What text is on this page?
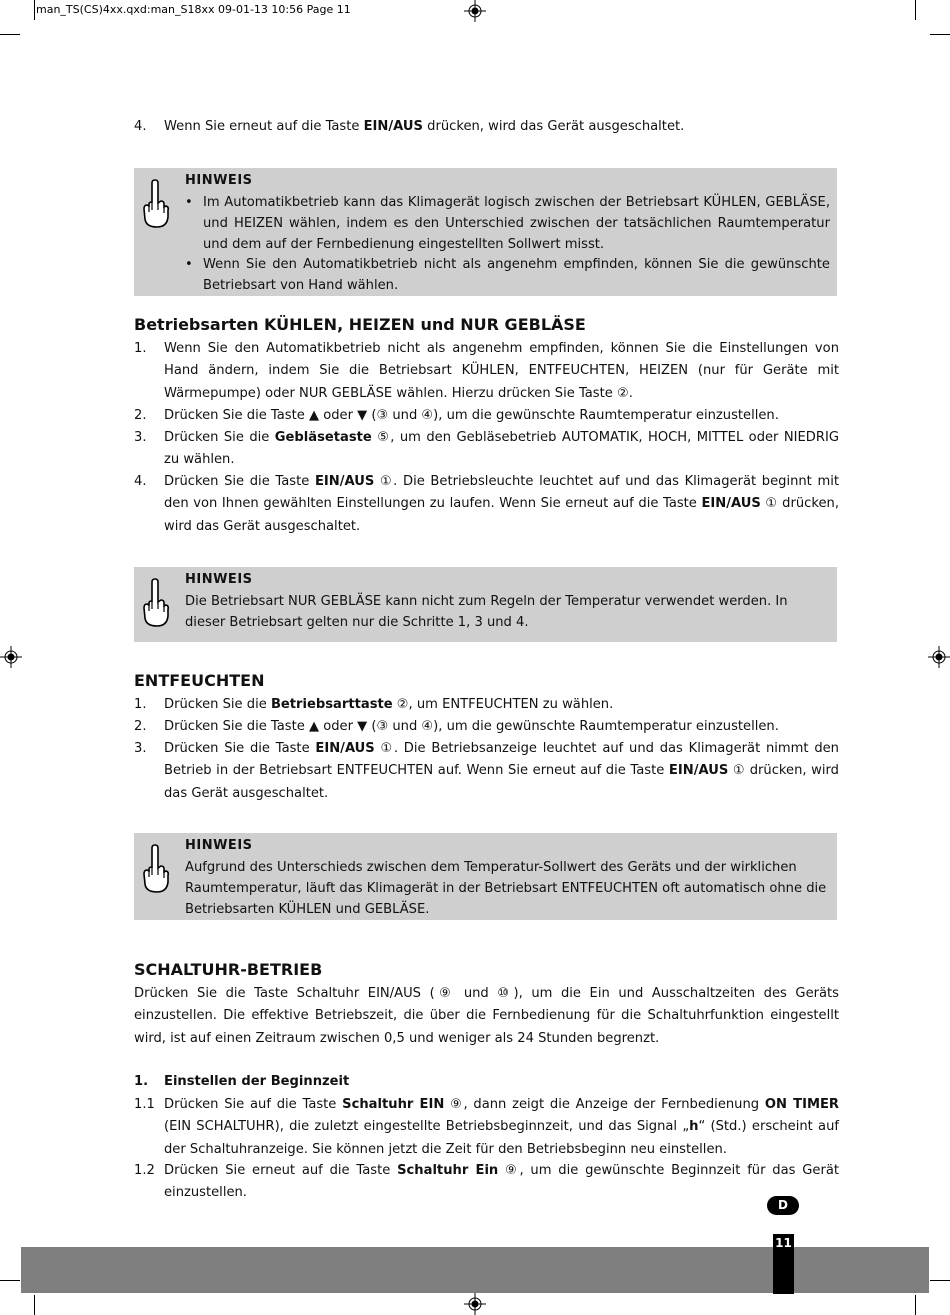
man_TS(CS)4xx.qxd:man_S18xx 09-01-13 10:56 Page 11
4. Wenn Sie erneut auf die Taste EIN/AUS drücken, wird das Gerät ausgeschaltet.
HINWEIS
• Im Automatikbetrieb kann das Klimagerät logisch zwischen der Betriebsart KÜHLEN, GEBLÄSE, und HEIZEN wählen, indem es den Unterschied zwischen der tatsächlichen Raumtemperatur und dem auf der Fernbedienung eingestellten Sollwert misst.
• Wenn Sie den Automatikbetrieb nicht als angenehm empfinden, können Sie die gewünschte Betriebsart von Hand wählen.
Betriebsarten KÜHLEN, HEIZEN und NUR GEBLÄSE
1. Wenn Sie den Automatikbetrieb nicht als angenehm empfinden, können Sie die Einstellungen von Hand ändern, indem Sie die Betriebsart KÜHLEN, ENTFEUCHTEN, HEIZEN (nur für Geräte mit Wärmepumpe) oder NUR GEBLÄSE wählen. Hierzu drücken Sie Taste ②.
2. Drücken Sie die Taste ▲ oder ▼ (③ und ④), um die gewünschte Raumtemperatur einzustellen.
3. Drücken Sie die Gebläsetaste ⑤, um den Gebläsebetrieb AUTOMATIK, HOCH, MITTEL oder NIEDRIG zu wählen.
4. Drücken Sie die Taste EIN/AUS ①. Die Betriebsleuchte leuchtet auf und das Klimagerät beginnt mit den von Ihnen gewählten Einstellungen zu laufen. Wenn Sie erneut auf die Taste EIN/AUS ① drücken, wird das Gerät ausgeschaltet.
HINWEIS
Die Betriebsart NUR GEBLÄSE kann nicht zum Regeln der Temperatur verwendet werden. In dieser Betriebsart gelten nur die Schritte 1, 3 und 4.
ENTFEUCHTEN
1. Drücken Sie die Betriebsarttaste ②, um ENTFEUCHTEN zu wählen.
2. Drücken Sie die Taste ▲ oder ▼ (③ und ④), um die gewünschte Raumtemperatur einzustellen.
3. Drücken Sie die Taste EIN/AUS ①. Die Betriebsanzeige leuchtet auf und das Klimagerät nimmt den Betrieb in der Betriebsart ENTFEUCHTEN auf. Wenn Sie erneut auf die Taste EIN/AUS ① drücken, wird das Gerät ausgeschaltet.
HINWEIS
Aufgrund des Unterschieds zwischen dem Temperatur-Sollwert des Geräts und der wirklichen Raumtemperatur, läuft das Klimagerät in der Betriebsart ENTFEUCHTEN oft automatisch ohne die Betriebsarten KÜHLEN und GEBLÄSE.
SCHALTUHR-BETRIEB
Drücken Sie die Taste Schaltuhr EIN/AUS (⑨ und ⑩), um die Ein und Ausschaltzeiten des Geräts einzustellen. Die effektive Betriebszeit, die über die Fernbedienung für die Schaltuhrfunktion eingestellt wird, ist auf einen Zeitraum zwischen 0,5 und weniger als 24 Stunden begrenzt.
1. Einstellen der Beginnzeit
1.1 Drücken Sie auf die Taste Schaltuhr EIN ⑨, dann zeigt die Anzeige der Fernbedienung ON TIMER (EIN SCHALTUHR), die zuletzt eingestellte Betriebsbeginnzeit, und das Signal „h“ (Std.) erscheint auf der Schaltuhranzeige. Sie können jetzt die Zeit für den Betriebsbeginn neu einstellen.
1.2 Drücken Sie erneut auf die Taste Schaltuhr Ein ⑨, um die gewünschte Beginnzeit für das Gerät einzustellen.
D
11
